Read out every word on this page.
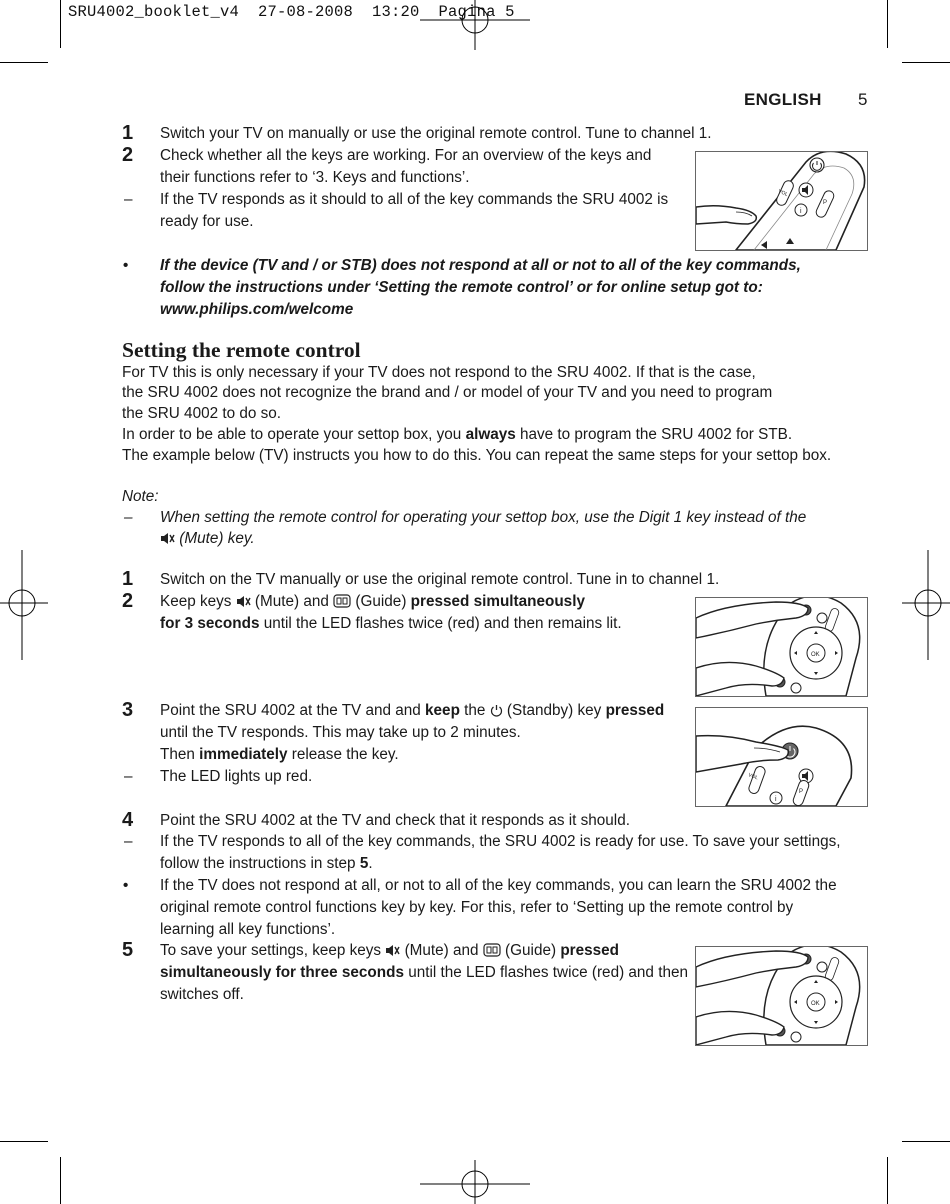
SRU4002_booklet_v4  27-08-2008  13:20  Pagina 5
ENGLISH 5
1 Switch your TV on manually or use the original remote control. Tune to channel 1.
2 Check whether all the keys are working. For an overview of the keys and
their functions refer to ‘3. Keys and functions’.
– If the TV responds as it should to all of the key commands the SRU 4002 is
ready for use.
• If the device (TV and / or STB) does not respond at all or not to all of the key commands,
follow the instructions under ‘Setting the remote control’ or for online setup got to:
www.philips.com/welcome
i
VOL
P
Setting the remote control
For TV this is only necessary if your TV does not respond to the SRU 4002. If that is the case,
the SRU 4002 does not recognize the brand and / or model of your TV and you need to program
the SRU 4002 to do so.
In order to be able to operate your settop box, you always have to program the SRU 4002 for STB.
The example below (TV) instructs you how to do this. You can repeat the same steps for your settop box.
Note:
– When setting the remote control for operating your settop box, use the Digit 1 key instead of the
(Mute) key.
1 Switch on the TV manually or use the original remote control. Tune in to channel 1.
2 Keep keys
(Mute) and
(Guide) pressed simultaneously
for 3 seconds until the LED flashes twice (red) and then remains lit.
3 Point the SRU 4002 at the TV and and keep the
(Standby) key pressed
until the TV responds. This may take up to 2 minutes.
Then immediately release the key.
– The LED lights up red.
4 Point the SRU 4002 at the TV and check that it responds as it should.
– If the TV responds to all of the key commands, the SRU 4002 is ready for use. To save your settings,
follow the instructions in step 5.
• If the TV does not respond at all, or not to all of the key commands, you can learn the SRU 4002 the
original remote control functions key by key. For this, refer to ‘Setting up the remote control by
learning all key functions’.
5 To save your settings, keep keys
(Mute) and
(Guide) pressed
simultaneously for three seconds until the LED flashes twice (red) and then
switches off.
OK
i
VOL
P
OK
